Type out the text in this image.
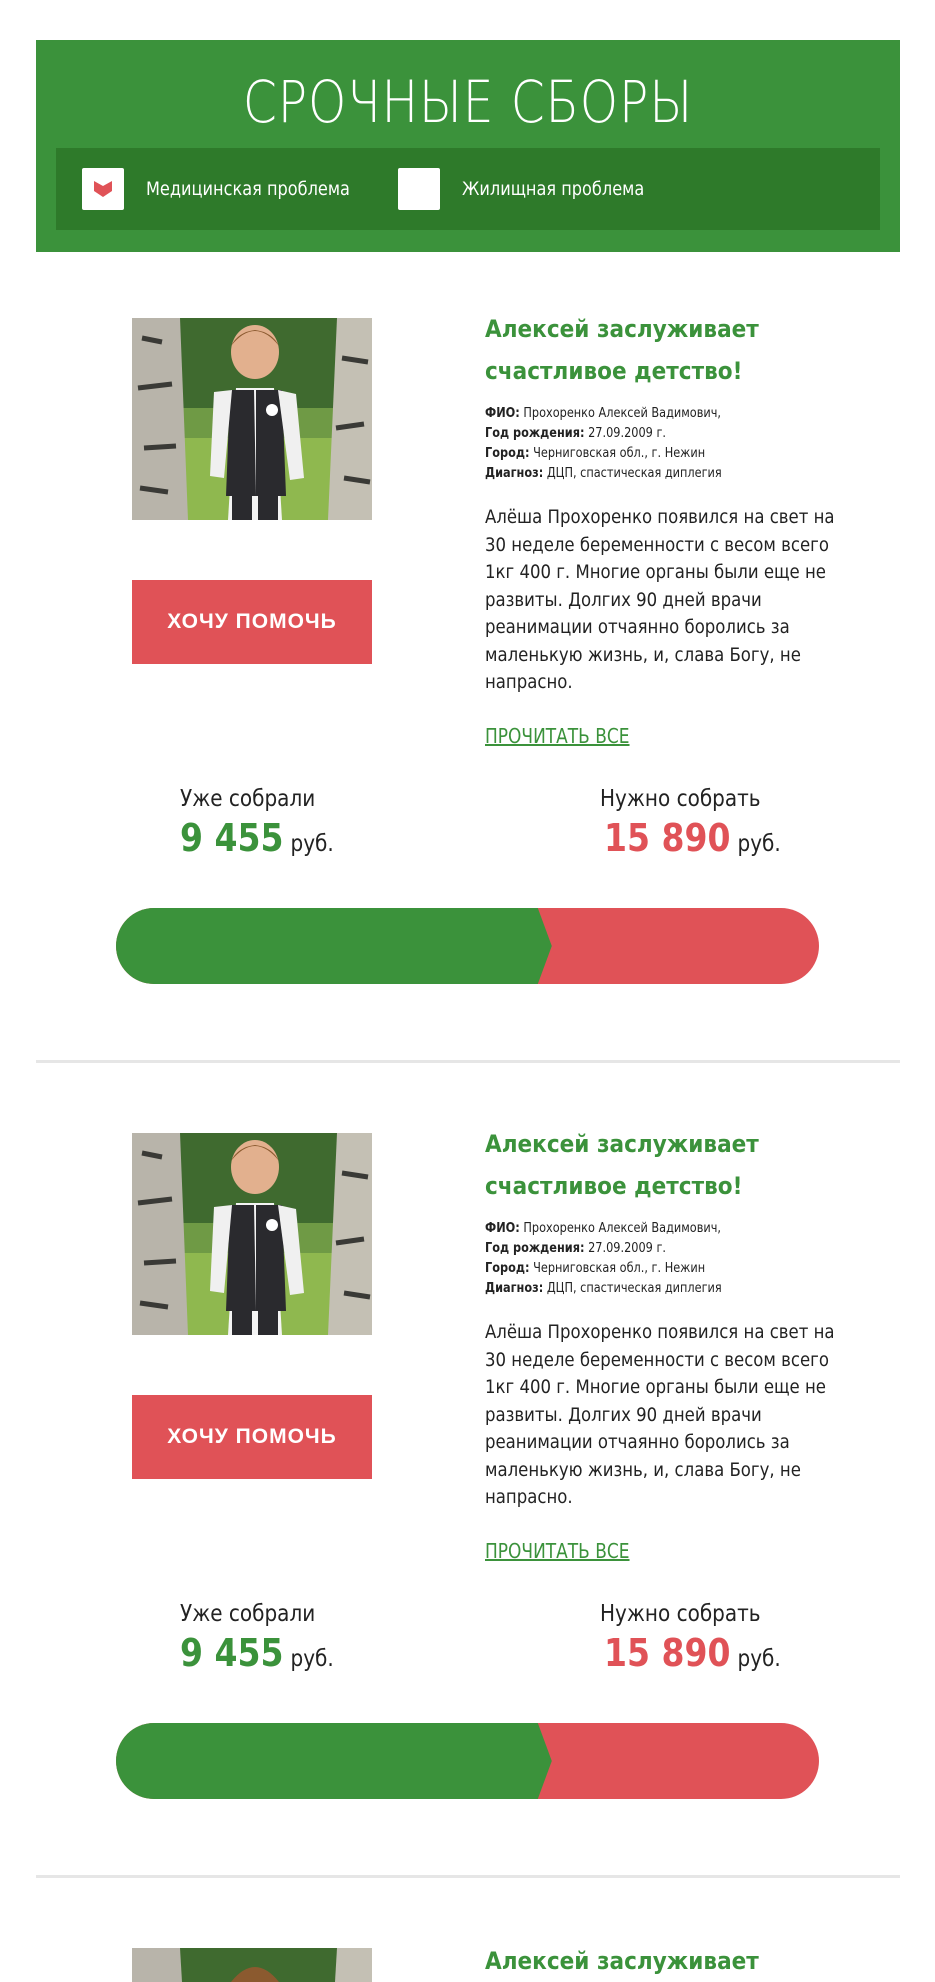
СРОЧНЫЕ СБОРЫ
Медицинская проблема	Жилищная проблема
ХОЧУ ПОМОЧЬ
Алексей заслуживает
счастливое детство!
ФИО: Прохоренко Алексей Вадимович,
Год рождения: 27.09.2009 г.
Город: Черниговская обл., г. Нежин
Диагноз: ДЦП, спастическая диплегия
Алёша Прохоренко появился на свет на
30 неделе беременности с весом всего
1кг 400 г. Многие органы были еще не
развиты. Долгих 90 дней врачи
реанимации отчаянно боролись за
маленькую жизнь, и, слава Богу, не
напрасно.
ПРОЧИТАТЬ ВСЕ
Уже собрали
9 455 руб.
Нужно собрать
15 890 руб.
ХОЧУ ПОМОЧЬ
Алексей заслуживает
счастливое детство!
ФИО: Прохоренко Алексей Вадимович,
Год рождения: 27.09.2009 г.
Город: Черниговская обл., г. Нежин
Диагноз: ДЦП, спастическая диплегия
Алёша Прохоренко появился на свет на
30 неделе беременности с весом всего
1кг 400 г. Многие органы были еще не
развиты. Долгих 90 дней врачи
реанимации отчаянно боролись за
маленькую жизнь, и, слава Богу, не
напрасно.
ПРОЧИТАТЬ ВСЕ
Уже собрали
9 455 руб.
Нужно собрать
15 890 руб.
Алексей заслуживает
